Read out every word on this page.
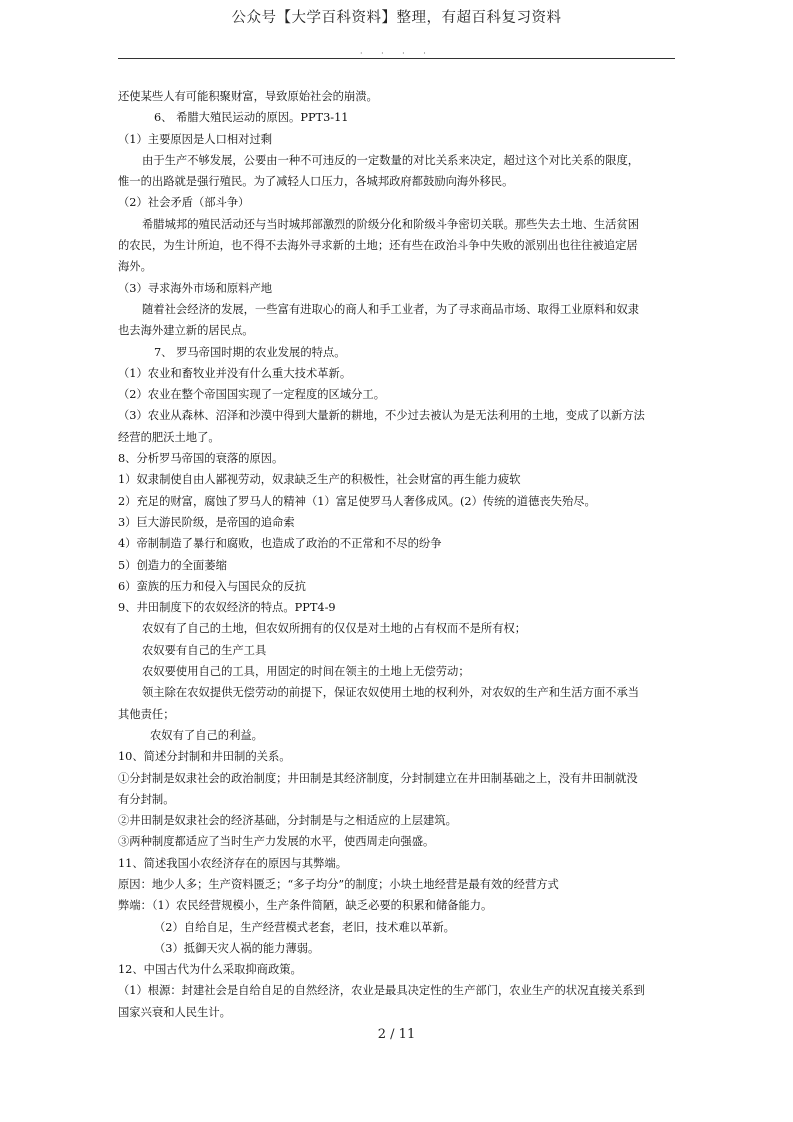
公众号【大学百科资料】整理，有超百科复习资料
· · · ·
还使某些人有可能积聚财富，导致原始社会的崩溃。
6、 希腊大殖民运动的原因。PPT3-11
（1）主要原因是人口相对过剩
由于生产不够发展，公要由一种不可违反的一定数量的对比关系来决定，超过这个对比关系的限度，
惟一的出路就是强行殖民。为了减轻人口压力，各城邦政府都鼓励向海外移民。
（2）社会矛盾（部斗争）
希腊城邦的殖民活动还与当时城邦部激烈的阶级分化和阶级斗争密切关联。那些失去土地、生活贫困
的农民，为生计所迫，也不得不去海外寻求新的土地；还有些在政治斗争中失败的派别出也往往被追定居
海外。
（3）寻求海外市场和原料产地
随着社会经济的发展，一些富有进取心的商人和手工业者，为了寻求商品市场、取得工业原料和奴隶
也去海外建立新的居民点。
7、 罗马帝国时期的农业发展的特点。
（1）农业和畜牧业并没有什么重大技术革新。
（2）农业在整个帝国国实现了一定程度的区域分工。
（3）农业从森林、沼泽和沙漠中得到大量新的耕地，不少过去被认为是无法利用的土地，变成了以新方法
经营的肥沃土地了。
8、分析罗马帝国的衰落的原因。
1）奴隶制使自由人鄙视劳动，奴隶缺乏生产的积极性，社会财富的再生能力疲软
2）充足的财富，腐蚀了罗马人的精神（1）富足使罗马人奢侈成风。(2）传统的道德丧失殆尽。
3）巨大游民阶级，是帝国的追命索
4）帝制制造了暴行和腐败，也造成了政治的不正常和不尽的纷争
5）创造力的全面萎缩
6）蛮族的压力和侵入与国民众的反抗
9、井田制度下的农奴经济的特点。PPT4-9
农奴有了自己的土地，但农奴所拥有的仅仅是对土地的占有权而不是所有权；
农奴要有自己的生产工具
农奴要使用自己的工具，用固定的时间在领主的土地上无偿劳动；
领主除在农奴提供无偿劳动的前提下，保证农奴使用土地的权利外，对农奴的生产和生活方面不承当
其他责任；
农奴有了自己的利益。
10、简述分封制和井田制的关系。
①分封制是奴隶社会的政治制度；井田制是其经济制度，分封制建立在井田制基础之上，没有井田制就没
有分封制。
②井田制是奴隶社会的经济基础，分封制是与之相适应的上层建筑。
③两种制度都适应了当时生产力发展的水平，使西周走向强盛。
11、简述我国小农经济存在的原因与其弊端。
原因：地少人多；生产资料匮乏；“多子均分”的制度；小块土地经营是最有效的经营方式
弊端：（1）农民经营规模小，生产条件简陋，缺乏必要的积累和储备能力。
（2）自给自足，生产经营模式老套，老旧，技术难以革新。
（3）抵御天灾人祸的能力薄弱。
12、中国古代为什么采取抑商政策。
（1）根源：封建社会是自给自足的自然经济，农业是最具决定性的生产部门，农业生产的状况直接关系到
国家兴衰和人民生计。
2 / 11
